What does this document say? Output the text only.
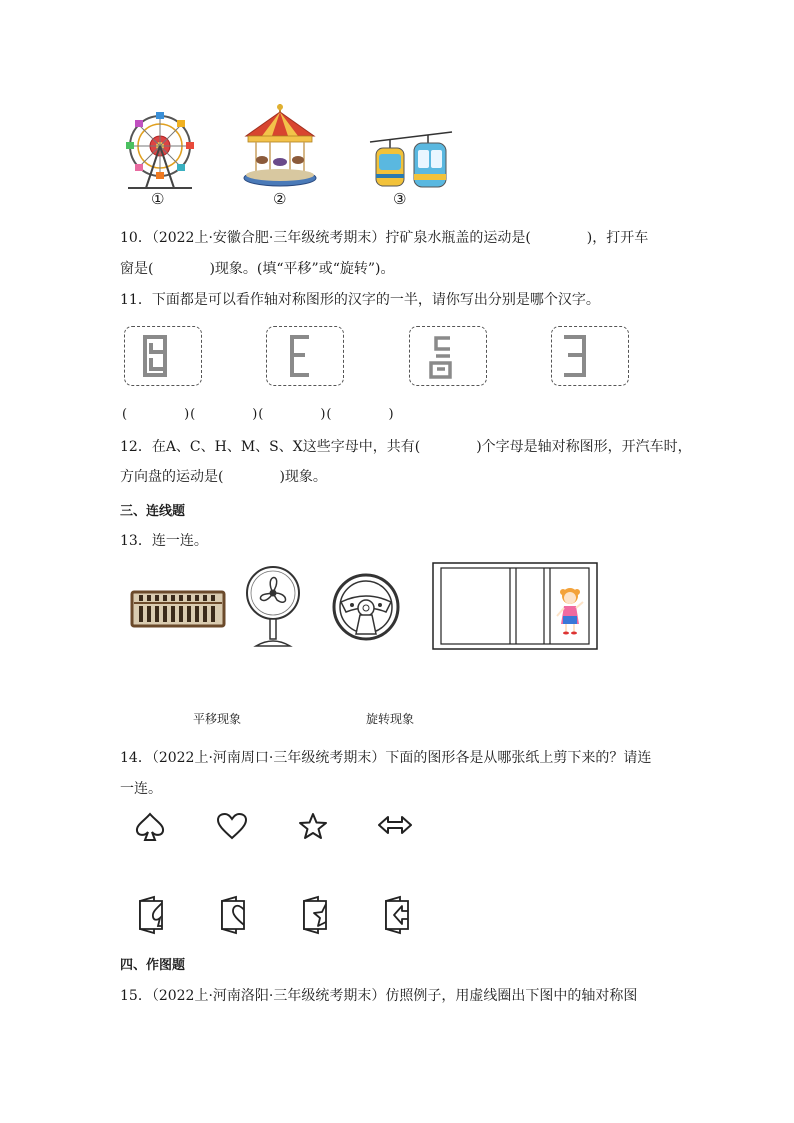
①	②	③
10．（2022上·安徽合肥·三年级统考期末）拧矿泉水瓶盖的运动是(　　　　)，打开车
窗是(　　　　)现象。(填“平移”或“旋转”)。
11．下面都是可以看作轴对称图形的汉字的一半，请你写出分别是哪个汉字。
(　　　　)(　　　　)(　　　　)(　　　　)
12．在A、C、H、M、S、X这些字母中，共有(　　　　)个字母是轴对称图形，开汽车时，
方向盘的运动是(　　　　)现象。
三、连线题
13．连一连。
平移现象	旋转现象
14．（2022上·河南周口·三年级统考期末）下面的图形各是从哪张纸上剪下来的？请连
一连。
四、作图题
15．（2022上·河南洛阳·三年级统考期末）仿照例子，用虚线圈出下图中的轴对称图
